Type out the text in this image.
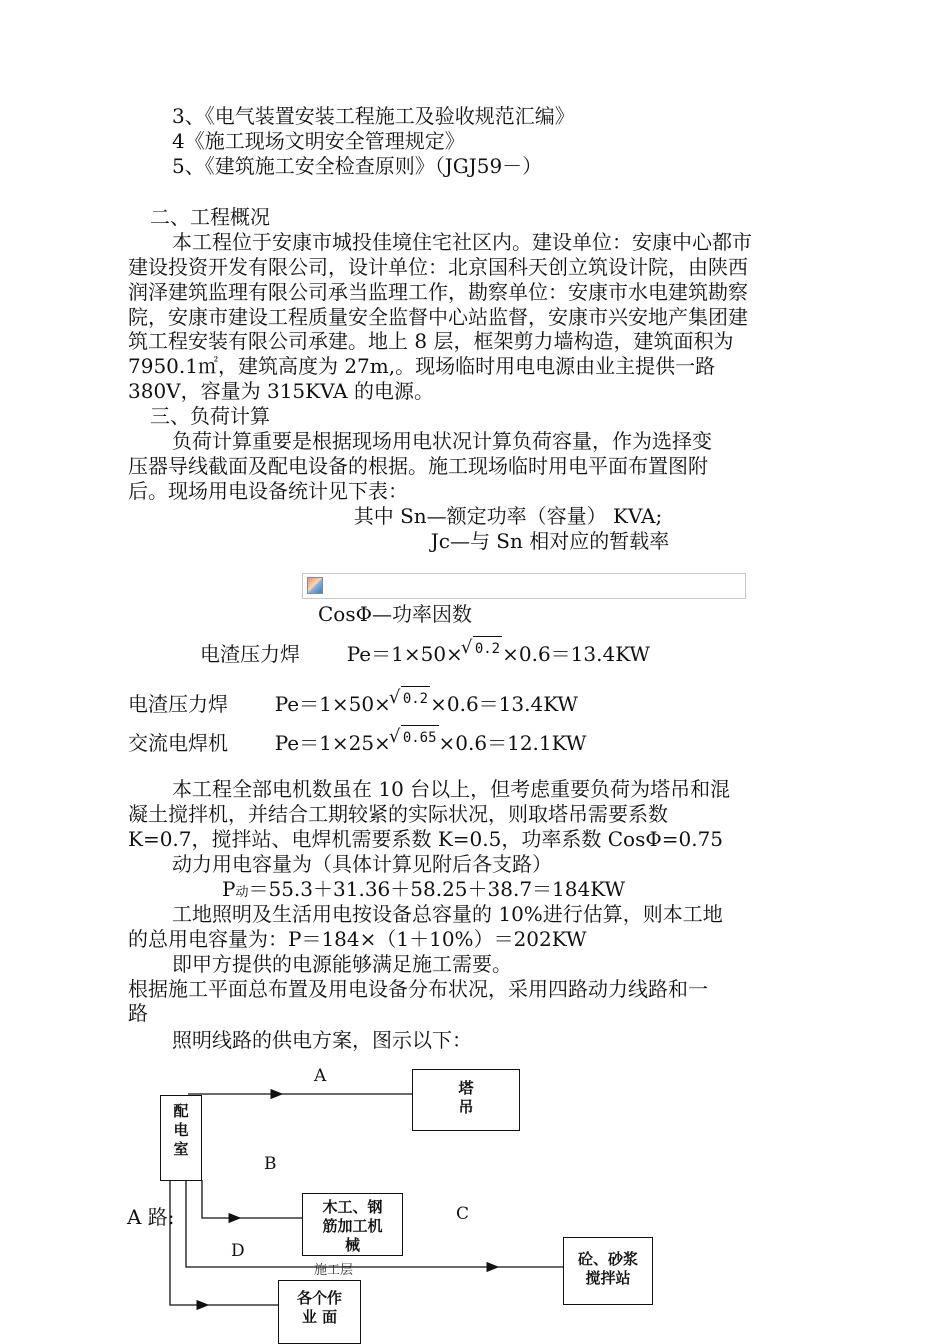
3、《电气装置安装工程施工及验收规范汇编》
4《施工现场文明安全管理规定》
5、《建筑施工安全检查原则》（JGJ59－）
二、工程概况
本工程位于安康市城投佳境住宅社区内。建设单位：安康中心都市
建设投资开发有限公司，设计单位：北京国科天创立筑设计院，由陕西
润泽建筑监理有限公司承当监理工作，勘察单位：安康市水电建筑勘察
院，安康市建设工程质量安全监督中心站监督，安康市兴安地产集团建
筑工程安装有限公司承建。地上 8 层，框架剪力墙构造，建筑面积为
7950.1㎡，建筑高度为 27m,。现场临时用电电源由业主提供一路
380V，容量为 315KVA 的电源。
三、负荷计算
负荷计算重要是根据现场用电状况计算负荷容量，作为选择变
压器导线截面及配电设备的根据。施工现场临时用电平面布置图附
后。现场用电设备统计见下表：
其中 Sn—额定功率（容量） KVA;
Jc—与 Sn 相对应的暂载率
CosΦ—功率因数
电渣压力焊 Pe＝1×50× √ 0.2 ×0.6＝13.4KW
电渣压力焊 Pe＝1×50× √ 0.2 ×0.6＝13.4KW
交流电焊机 Pe＝1×25× √ 0.65 ×0.6＝12.1KW
本工程全部电机数虽在 10 台以上，但考虑重要负荷为塔吊和混
凝土搅拌机，并结合工期较紧的实际状况，则取塔吊需要系数
K=0.7，搅拌站、电焊机需要系数 K=0.5，功率系数 CosΦ=0.75
动力用电容量为（具体计算见附后各支路）
P动＝55.3＋31.36＋58.25＋38.7＝184KW
工地照明及生活用电按设备总容量的 10%进行估算，则本工地
的总用电容量为：P＝184×（1＋10%）＝202KW
即甲方提供的电源能够满足施工需要。
根据施工平面总布置及用电设备分布状况，采用四路动力线路和一
路
照明线路的供电方案，图示以下：
配
电
室
塔
吊
木工、钢
筋加工机
械
砼、砂浆
搅拌站
各个作
业 面
A
B
C
D
A 路:
施工层
